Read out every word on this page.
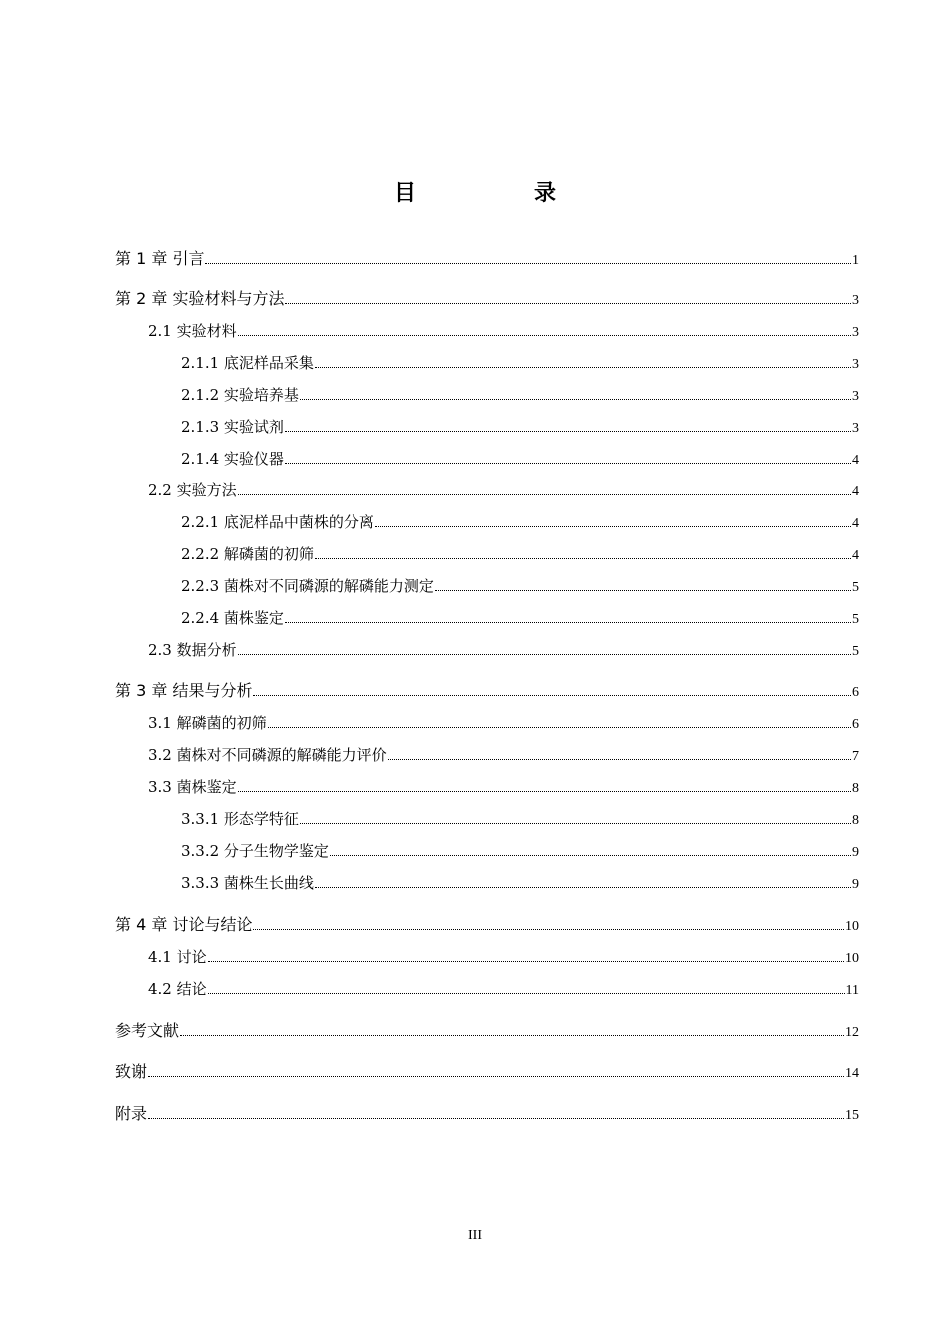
目　录
第 1 章 引言	1
第 2 章 实验材料与方法	3
2.1 实验材料	3
2.1.1 底泥样品采集	3
2.1.2 实验培养基	3
2.1.3 实验试剂	3
2.1.4 实验仪器	4
2.2 实验方法	4
2.2.1 底泥样品中菌株的分离	4
2.2.2 解磷菌的初筛	4
2.2.3 菌株对不同磷源的解磷能力测定	5
2.2.4 菌株鉴定	5
2.3 数据分析	5
第 3 章 结果与分析	6
3.1 解磷菌的初筛	6
3.2 菌株对不同磷源的解磷能力评价	7
3.3 菌株鉴定	8
3.3.1 形态学特征	8
3.3.2 分子生物学鉴定	9
3.3.3 菌株生长曲线	9
第 4 章 讨论与结论	10
4.1 讨论	10
4.2 结论	11
参考文献	12
致谢	14
附录	15
III
